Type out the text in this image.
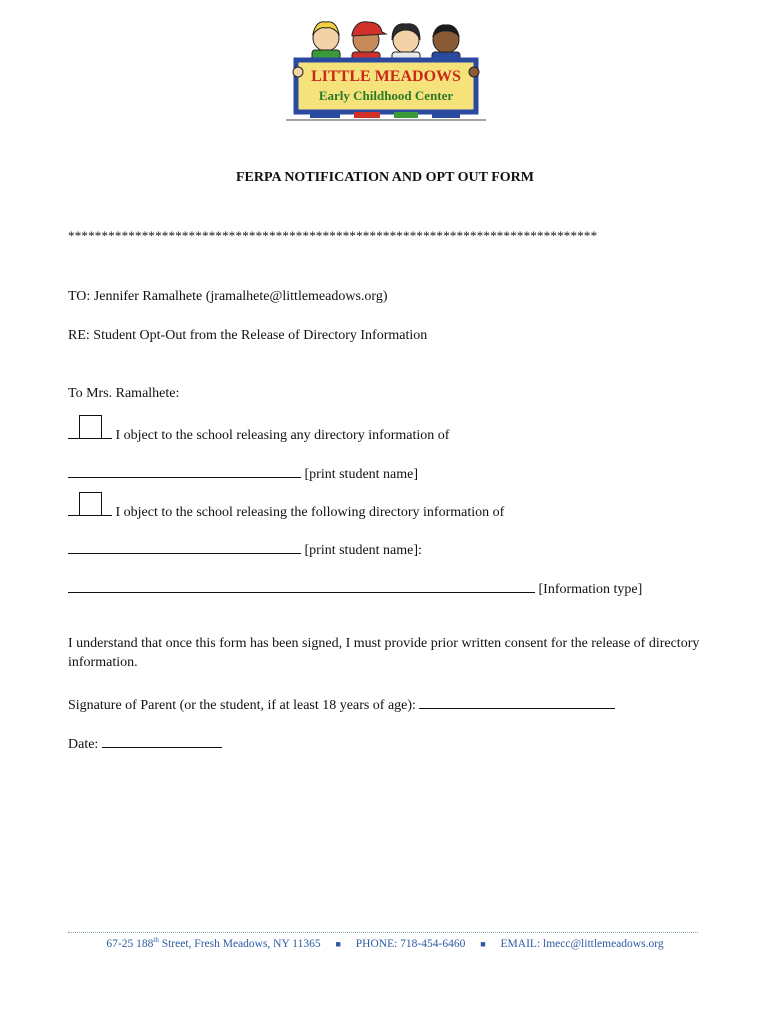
LITTLE MEADOWS
Early Childhood Center
FERPA NOTIFICATION AND OPT OUT FORM
*******************************************************************************
TO: Jennifer Ramalhete (jramalhete@littlemeadows.org)
RE: Student Opt-Out from the Release of Directory Information
To Mrs. Ramalhete:
I object to the school releasing any directory information of
[print student name]
I object to the school releasing the following directory information of
[print student name]:
[Information type]
I understand that once this form has been signed, I must provide prior written consent for the release of directory information.
Signature of Parent (or the student, if at least 18 years of age):
Date:
67-25 188th Street, Fresh Meadows, NY 11365 ■ PHONE: 718-454-6460 ■ EMAIL: lmecc@littlemeadows.org
